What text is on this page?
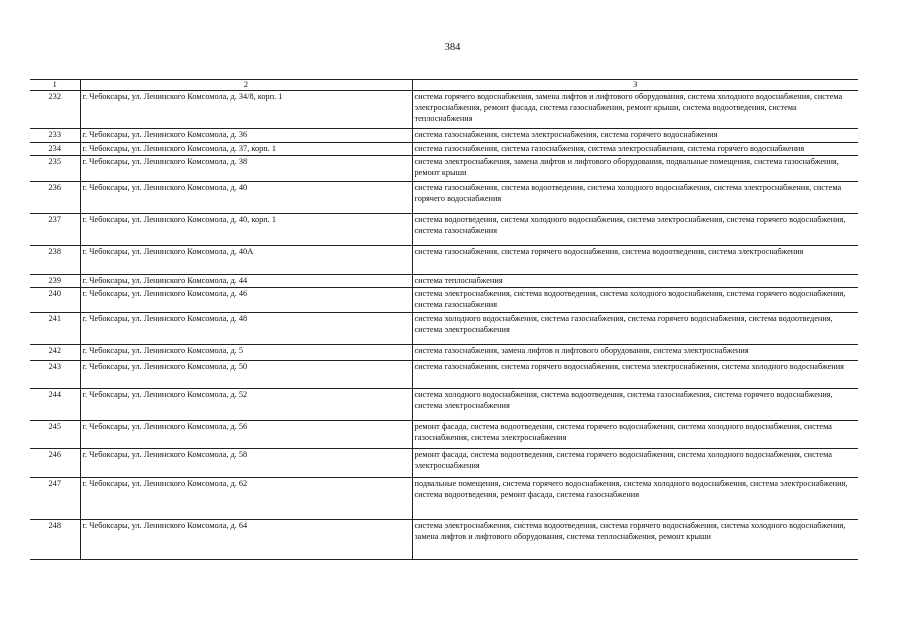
384
1	2	3
232	г. Чебоксары, ул. Ленинского Комсомола, д. 34/8, корп. 1	система горячего водоснабжения, замена лифтов и лифтового оборудования, система холодного водоснабжения, система электроснабжения, ремонт фасада, система газоснабжения, ремонт крыши, система водоотведения, система теплоснабжения
233	г. Чебоксары, ул. Ленинского Комсомола, д. 36	система газоснабжения, система электроснабжения, система горячего водоснабжения
234	г. Чебоксары, ул. Ленинского Комсомола, д. 37, корп. 1	система газоснабжения, система газоснабжения, система электроснабжения, система горячего водоснабжения
235	г. Чебоксары, ул. Ленинского Комсомола, д. 38	система электроснабжения, замена лифтов и лифтового оборудования, подвальные помещения, система газоснабжения, ремонт крыши
236	г. Чебоксары, ул. Ленинского Комсомола, д. 40	система газоснабжения, система водоотведения, система холодного водоснабжения, система электроснабжения, система горячего водоснабжения
237	г. Чебоксары, ул. Ленинского Комсомола, д. 40, корп. 1	система водоотведения, система холодного водоснабжения, система электроснабжения, система горячего водоснабжения, система газоснабжения
238	г. Чебоксары, ул. Ленинского Комсомола, д. 40А	система газоснабжения, система горячего водоснабжения, система водоотведения, система электроснабжения
239	г. Чебоксары, ул. Ленинского Комсомола, д. 44	система теплоснабжения
240	г. Чебоксары, ул. Ленинского Комсомола, д. 46	система электроснабжения, система водоотведения, система холодного водоснабжения, система горячего водоснабжения, система газоснабжения
241	г. Чебоксары, ул. Ленинского Комсомола, д. 48	система холодного водоснабжения, система газоснабжения, система горячего водоснабжения, система водоотведения, система электроснабжения
242	г. Чебоксары, ул. Ленинского Комсомола, д. 5	система газоснабжения, замена лифтов и лифтового оборудования, система электроснабжения
243	г. Чебоксары, ул. Ленинского Комсомола, д. 50	система газоснабжения, система горячего водоснабжения, система электроснабжения, система холодного водоснабжения
244	г. Чебоксары, ул. Ленинского Комсомола, д. 52	система холодного водоснабжения, система водоотведения, система газоснабжения, система горячего водоснабжения, система электроснабжения
245	г. Чебоксары, ул. Ленинского Комсомола, д. 56	ремонт фасада, система водоотведения, система горячего водоснабжения, система холодного водоснабжения, система газоснабжения, система электроснабжения
246	г. Чебоксары, ул. Ленинского Комсомола, д. 58	ремонт фасада, система водоотведения, система горячего водоснабжения, система холодного водоснабжения, система электроснабжения
247	г. Чебоксары, ул. Ленинского Комсомола, д. 62	подвальные помещения, система горячего водоснабжения, система холодного водоснабжения, система электроснабжения, система водоотведения, ремонт фасада, система газоснабжения
248	г. Чебоксары, ул. Ленинского Комсомола, д. 64	система электроснабжения, система водоотведения, система горячего водоснабжения, система холодного водоснабжения, замена лифтов и лифтового оборудования, система теплоснабжения, ремонт крыши
